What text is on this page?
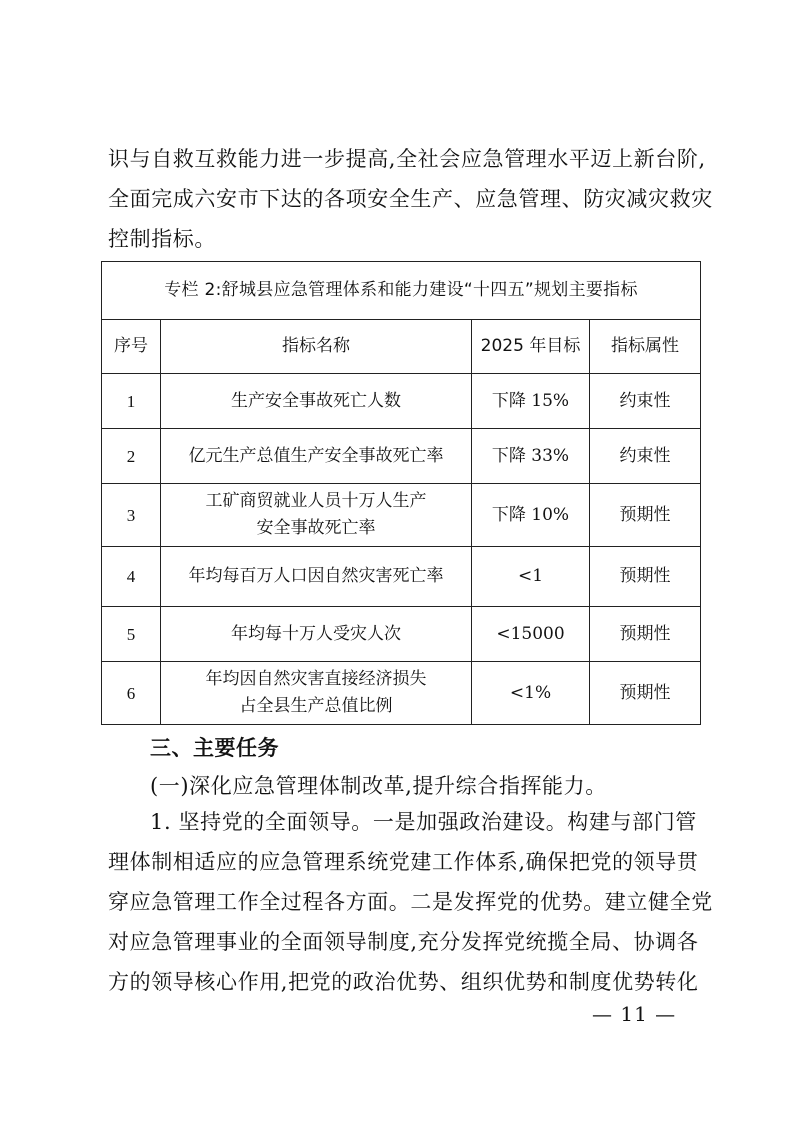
识与自救互救能力进一步提高,全社会应急管理水平迈上新台阶,
全面完成六安市下达的各项安全生产、应急管理、防灾减灾救灾
控制指标。
专栏 2:舒城县应急管理体系和能力建设“十四五”规划主要指标			
序号	指标名称	2025 年目标	指标属性
1	生产安全事故死亡人数	下降 15%	约束性
2	亿元生产总值生产安全事故死亡率	下降 33%	约束性
3	工矿商贸就业人员十万人生产
安全事故死亡率	下降 10%	预期性
4	年均每百万人口因自然灾害死亡率	<1	预期性
5	年均每十万人受灾人次	<15000	预期性
6	年均因自然灾害直接经济损失
占全县生产总值比例	<1%	预期性
三、主要任务

(一)深化应急管理体制改革,提升综合指挥能力。

1. 坚持党的全面领导。一是加强政治建设。构建与部门管
理体制相适应的应急管理系统党建工作体系,确保把党的领导贯
穿应急管理工作全过程各方面。二是发挥党的优势。建立健全党
对应急管理事业的全面领导制度,充分发挥党统揽全局、协调各
方的领导核心作用,把党的政治优势、组织优势和制度优势转化
— 11 —
